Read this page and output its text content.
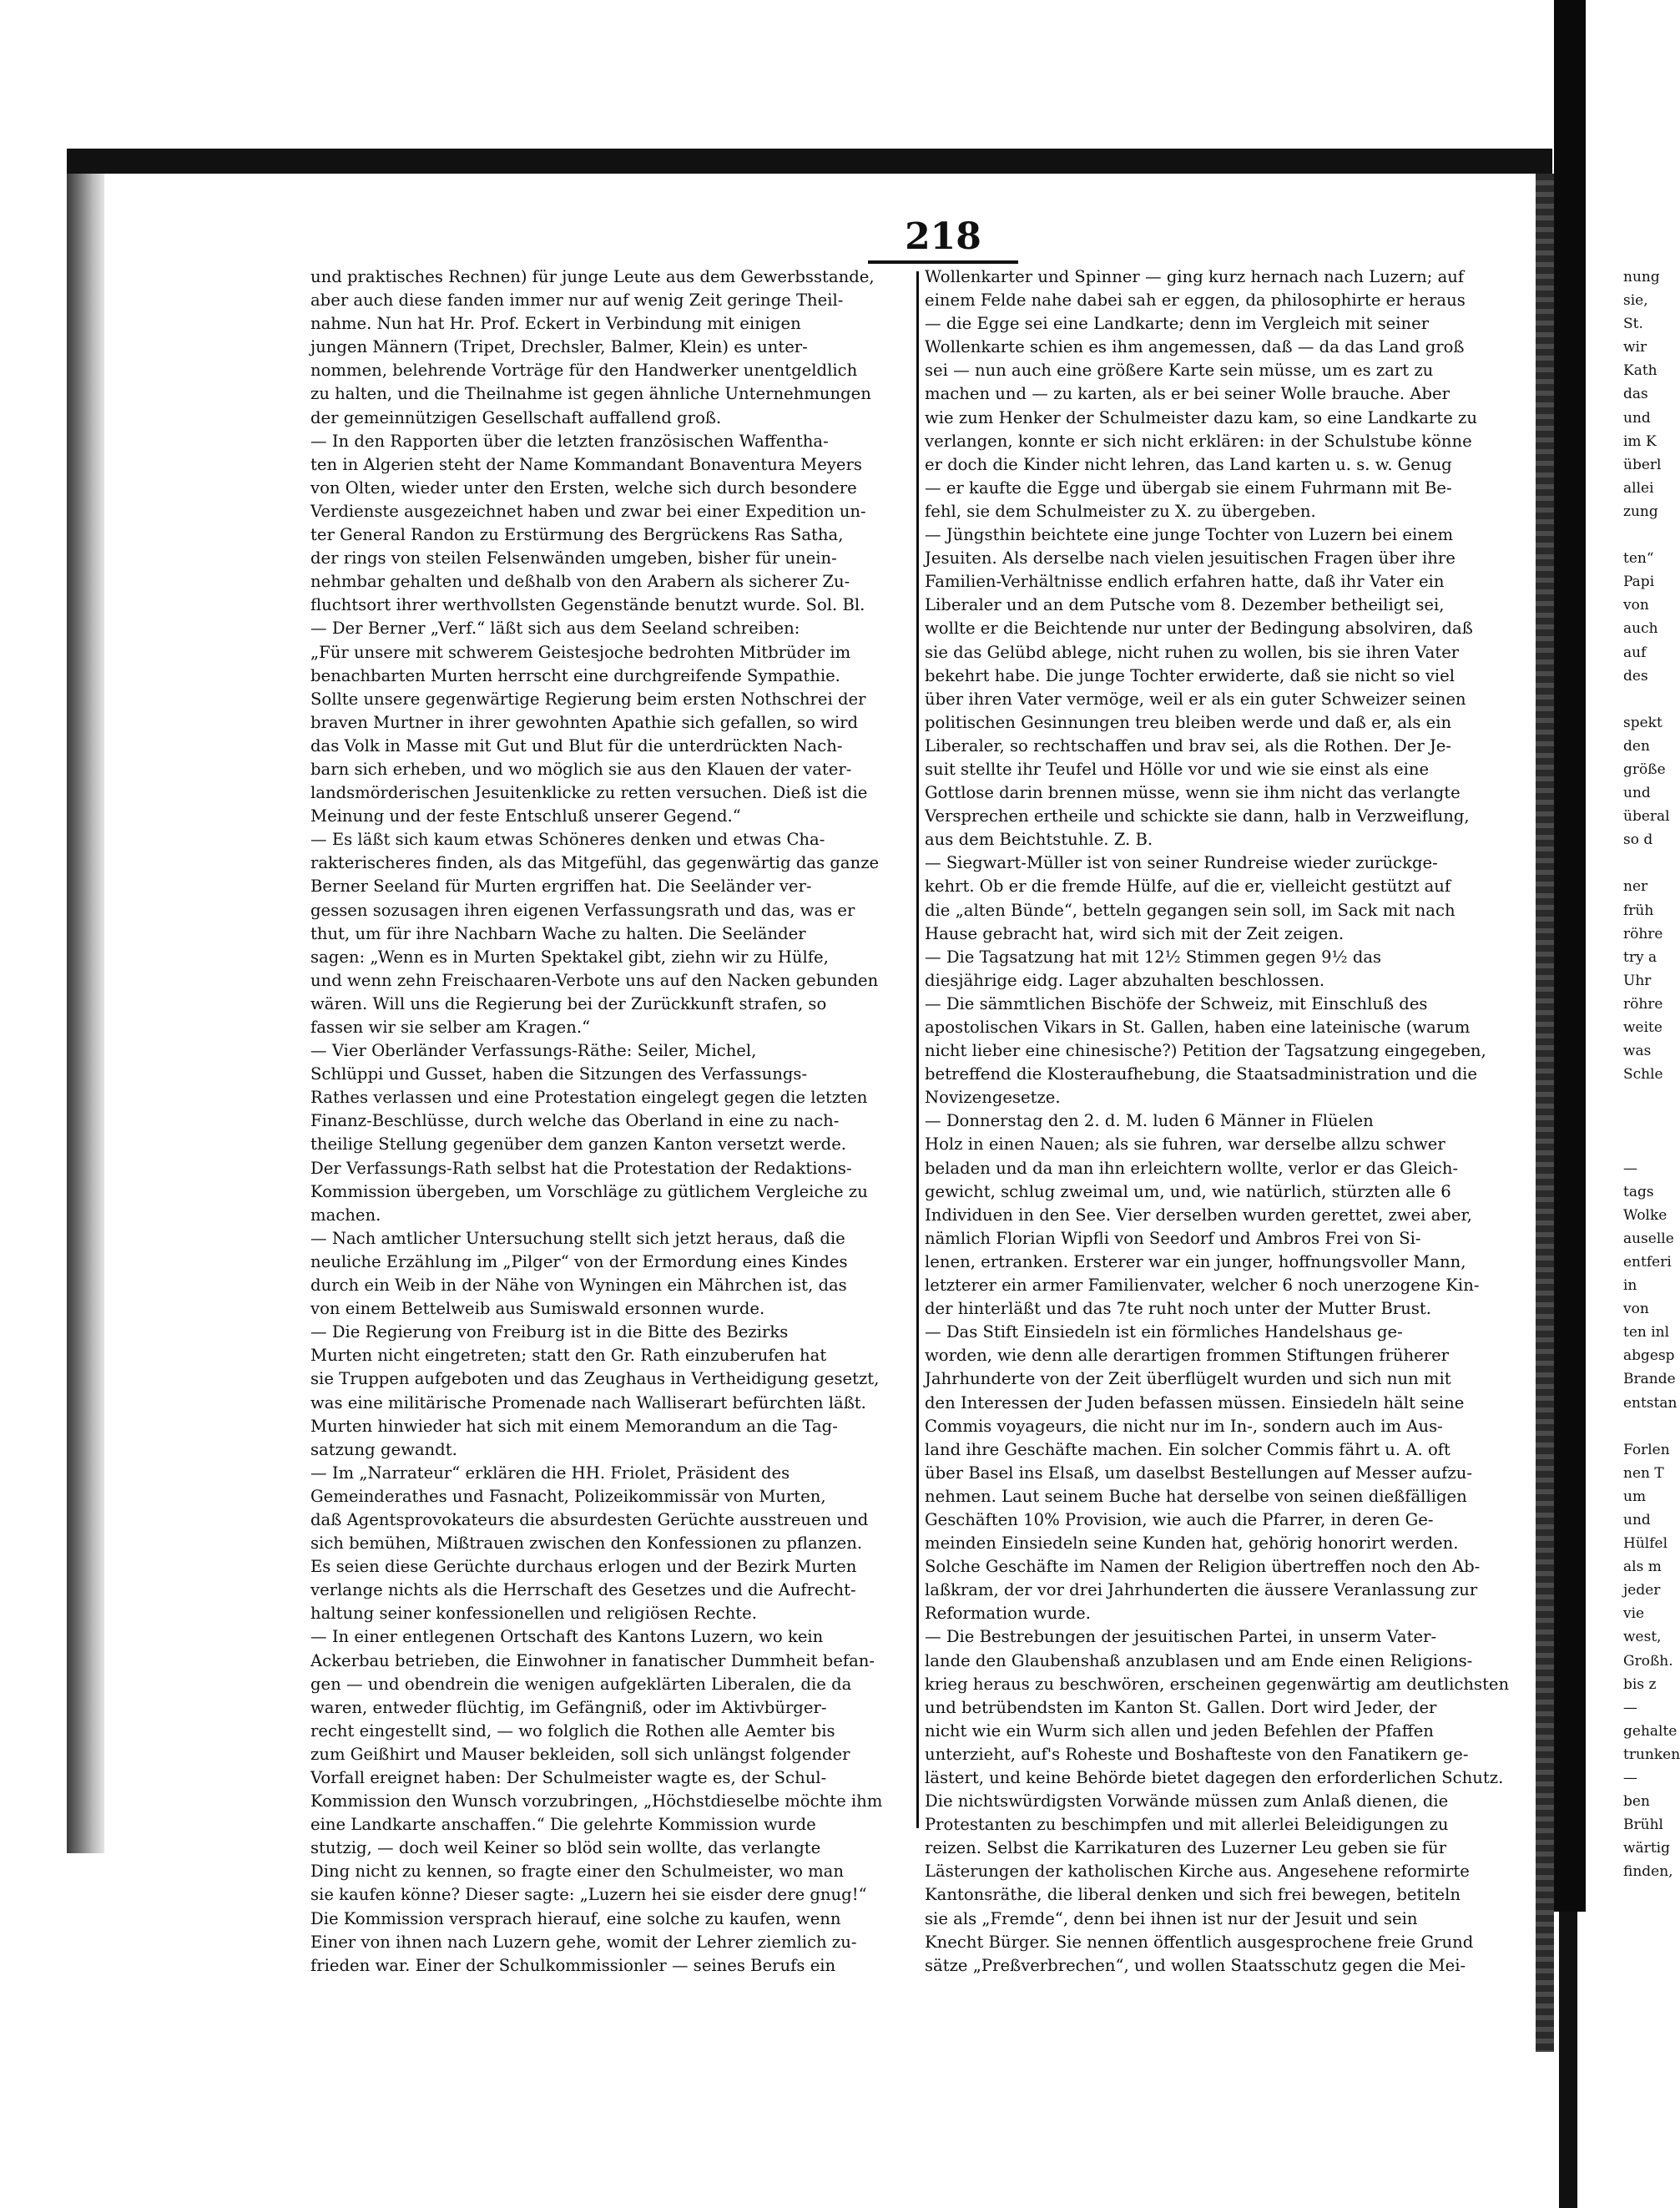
218
und praktisches Rechnen) für junge Leute aus dem Gewerbsstande,
aber auch diese fanden immer nur auf wenig Zeit geringe Theil-
nahme. Nun hat Hr. Prof. Eckert in Verbindung mit einigen
jungen Männern (Tripet, Drechsler, Balmer, Klein) es unter-
nommen, belehrende Vorträge für den Handwerker unentgeldlich
zu halten, und die Theilnahme ist gegen ähnliche Unternehmungen
der gemeinnützigen Gesellschaft auffallend groß.
— In den Rapporten über die letzten französischen Waffentha-
ten in Algerien steht der Name Kommandant Bonaventura Meyers
von Olten, wieder unter den Ersten, welche sich durch besondere
Verdienste ausgezeichnet haben und zwar bei einer Expedition un-
ter General Randon zu Erstürmung des Bergrückens Ras Satha,
der rings von steilen Felsenwänden umgeben, bisher für unein-
nehmbar gehalten und deßhalb von den Arabern als sicherer Zu-
fluchtsort ihrer werthvollsten Gegenstände benutzt wurde. Sol. Bl.
— Der Berner „Verf.“ läßt sich aus dem Seeland schreiben:
„Für unsere mit schwerem Geistesjoche bedrohten Mitbrüder im
benachbarten Murten herrscht eine durchgreifende Sympathie.
Sollte unsere gegenwärtige Regierung beim ersten Nothschrei der
braven Murtner in ihrer gewohnten Apathie sich gefallen, so wird
das Volk in Masse mit Gut und Blut für die unterdrückten Nach-
barn sich erheben, und wo möglich sie aus den Klauen der vater-
landsmörderischen Jesuitenklicke zu retten versuchen. Dieß ist die
Meinung und der feste Entschluß unserer Gegend.“
— Es läßt sich kaum etwas Schöneres denken und etwas Cha-
rakterischeres finden, als das Mitgefühl, das gegenwärtig das ganze
Berner Seeland für Murten ergriffen hat. Die Seeländer ver-
gessen sozusagen ihren eigenen Verfassungsrath und das, was er
thut, um für ihre Nachbarn Wache zu halten. Die Seeländer
sagen: „Wenn es in Murten Spektakel gibt, ziehn wir zu Hülfe,
und wenn zehn Freischaaren-Verbote uns auf den Nacken gebunden
wären. Will uns die Regierung bei der Zurückkunft strafen, so
fassen wir sie selber am Kragen.“
— Vier Oberländer Verfassungs-Räthe: Seiler, Michel,
Schlüppi und Gusset, haben die Sitzungen des Verfassungs-
Rathes verlassen und eine Protestation eingelegt gegen die letzten
Finanz-Beschlüsse, durch welche das Oberland in eine zu nach-
theilige Stellung gegenüber dem ganzen Kanton versetzt werde.
Der Verfassungs-Rath selbst hat die Protestation der Redaktions-
Kommission übergeben, um Vorschläge zu gütlichem Vergleiche zu
machen.
— Nach amtlicher Untersuchung stellt sich jetzt heraus, daß die
neuliche Erzählung im „Pilger“ von der Ermordung eines Kindes
durch ein Weib in der Nähe von Wyningen ein Mährchen ist, das
von einem Bettelweib aus Sumiswald ersonnen wurde.
— Die Regierung von Freiburg ist in die Bitte des Bezirks
Murten nicht eingetreten; statt den Gr. Rath einzuberufen hat
sie Truppen aufgeboten und das Zeughaus in Vertheidigung gesetzt,
was eine militärische Promenade nach Walliserart befürchten läßt.
Murten hinwieder hat sich mit einem Memorandum an die Tag-
satzung gewandt.
— Im „Narrateur“ erklären die HH. Friolet, Präsident des
Gemeinderathes und Fasnacht, Polizeikommissär von Murten,
daß Agentsprovokateurs die absurdesten Gerüchte ausstreuen und
sich bemühen, Mißtrauen zwischen den Konfessionen zu pflanzen.
Es seien diese Gerüchte durchaus erlogen und der Bezirk Murten
verlange nichts als die Herrschaft des Gesetzes und die Aufrecht-
haltung seiner konfessionellen und religiösen Rechte.
— In einer entlegenen Ortschaft des Kantons Luzern, wo kein
Ackerbau betrieben, die Einwohner in fanatischer Dummheit befan-
gen — und obendrein die wenigen aufgeklärten Liberalen, die da
waren, entweder flüchtig, im Gefängniß, oder im Aktivbürger-
recht eingestellt sind, — wo folglich die Rothen alle Aemter bis
zum Geißhirt und Mauser bekleiden, soll sich unlängst folgender
Vorfall ereignet haben: Der Schulmeister wagte es, der Schul-
Kommission den Wunsch vorzubringen, „Höchstdieselbe möchte ihm
eine Landkarte anschaffen.“ Die gelehrte Kommission wurde
stutzig, — doch weil Keiner so blöd sein wollte, das verlangte
Ding nicht zu kennen, so fragte einer den Schulmeister, wo man
sie kaufen könne? Dieser sagte: „Luzern hei sie eisder dere gnug!“
Die Kommission versprach hierauf, eine solche zu kaufen, wenn
Einer von ihnen nach Luzern gehe, womit der Lehrer ziemlich zu-
frieden war. Einer der Schulkommissionler — seines Berufs ein
Wollenkarter und Spinner — ging kurz hernach nach Luzern; auf
einem Felde nahe dabei sah er eggen, da philosophirte er heraus
— die Egge sei eine Landkarte; denn im Vergleich mit seiner
Wollenkarte schien es ihm angemessen, daß — da das Land groß
sei — nun auch eine größere Karte sein müsse, um es zart zu
machen und — zu karten, als er bei seiner Wolle brauche. Aber
wie zum Henker der Schulmeister dazu kam, so eine Landkarte zu
verlangen, konnte er sich nicht erklären: in der Schulstube könne
er doch die Kinder nicht lehren, das Land karten u. s. w. Genug
— er kaufte die Egge und übergab sie einem Fuhrmann mit Be-
fehl, sie dem Schulmeister zu X. zu übergeben.
— Jüngsthin beichtete eine junge Tochter von Luzern bei einem
Jesuiten. Als derselbe nach vielen jesuitischen Fragen über ihre
Familien-Verhältnisse endlich erfahren hatte, daß ihr Vater ein
Liberaler und an dem Putsche vom 8. Dezember betheiligt sei,
wollte er die Beichtende nur unter der Bedingung absolviren, daß
sie das Gelübd ablege, nicht ruhen zu wollen, bis sie ihren Vater
bekehrt habe. Die junge Tochter erwiderte, daß sie nicht so viel
über ihren Vater vermöge, weil er als ein guter Schweizer seinen
politischen Gesinnungen treu bleiben werde und daß er, als ein
Liberaler, so rechtschaffen und brav sei, als die Rothen. Der Je-
suit stellte ihr Teufel und Hölle vor und wie sie einst als eine
Gottlose darin brennen müsse, wenn sie ihm nicht das verlangte
Versprechen ertheile und schickte sie dann, halb in Verzweiflung,
aus dem Beichtstuhle. Z. B.
— Siegwart-Müller ist von seiner Rundreise wieder zurückge-
kehrt. Ob er die fremde Hülfe, auf die er, vielleicht gestützt auf
die „alten Bünde“, betteln gegangen sein soll, im Sack mit nach
Hause gebracht hat, wird sich mit der Zeit zeigen.
— Die Tagsatzung hat mit 12½ Stimmen gegen 9½ das
diesjährige eidg. Lager abzuhalten beschlossen.
— Die sämmtlichen Bischöfe der Schweiz, mit Einschluß des
apostolischen Vikars in St. Gallen, haben eine lateinische (warum
nicht lieber eine chinesische?) Petition der Tagsatzung eingegeben,
betreffend die Klosteraufhebung, die Staatsadministration und die
Novizengesetze.
— Donnerstag den 2. d. M. luden 6 Männer in Flüelen
Holz in einen Nauen; als sie fuhren, war derselbe allzu schwer
beladen und da man ihn erleichtern wollte, verlor er das Gleich-
gewicht, schlug zweimal um, und, wie natürlich, stürzten alle 6
Individuen in den See. Vier derselben wurden gerettet, zwei aber,
nämlich Florian Wipfli von Seedorf und Ambros Frei von Si-
lenen, ertranken. Ersterer war ein junger, hoffnungsvoller Mann,
letzterer ein armer Familienvater, welcher 6 noch unerzogene Kin-
der hinterläßt und das 7te ruht noch unter der Mutter Brust.
— Das Stift Einsiedeln ist ein förmliches Handelshaus ge-
worden, wie denn alle derartigen frommen Stiftungen früherer
Jahrhunderte von der Zeit überflügelt wurden und sich nun mit
den Interessen der Juden befassen müssen. Einsiedeln hält seine
Commis voyageurs, die nicht nur im In-, sondern auch im Aus-
land ihre Geschäfte machen. Ein solcher Commis fährt u. A. oft
über Basel ins Elsaß, um daselbst Bestellungen auf Messer aufzu-
nehmen. Laut seinem Buche hat derselbe von seinen dießfälligen
Geschäften 10% Provision, wie auch die Pfarrer, in deren Ge-
meinden Einsiedeln seine Kunden hat, gehörig honorirt werden.
Solche Geschäfte im Namen der Religion übertreffen noch den Ab-
laßkram, der vor drei Jahrhunderten die äussere Veranlassung zur
Reformation wurde.
— Die Bestrebungen der jesuitischen Partei, in unserm Vater-
lande den Glaubenshaß anzublasen und am Ende einen Religions-
krieg heraus zu beschwören, erscheinen gegenwärtig am deutlichsten
und betrübendsten im Kanton St. Gallen. Dort wird Jeder, der
nicht wie ein Wurm sich allen und jeden Befehlen der Pfaffen
unterzieht, auf's Roheste und Boshafteste von den Fanatikern ge-
lästert, und keine Behörde bietet dagegen den erforderlichen Schutz.
Die nichtswürdigsten Vorwände müssen zum Anlaß dienen, die
Protestanten zu beschimpfen und mit allerlei Beleidigungen zu
reizen. Selbst die Karrikaturen des Luzerner Leu geben sie für
Lästerungen der katholischen Kirche aus. Angesehene reformirte
Kantonsräthe, die liberal denken und sich frei bewegen, betiteln
sie als „Fremde“, denn bei ihnen ist nur der Jesuit und sein
Knecht Bürger. Sie nennen öffentlich ausgesprochene freie Grund
sätze „Preßverbrechen“, und wollen Staatsschutz gegen die Mei-
nung
sie,
St.
wir
Kath
das
und
im K
überl
allei
zung
ten“
Papi
von
auch
auf
des
spekt
den
größe
und
überal
so d
ner
früh
röhre
try a
Uhr
röhre
weite
was
Schle
—
tags
Wolke
auselle
entferi
in
von
ten inl
abgesp
Brande
entstan
Forlen
nen T
um
und
Hülfel
als m
jeder
vie
west,
Großh.
bis z
—
gehalte
trunken
—
ben
Brühl
wärtig
finden,
